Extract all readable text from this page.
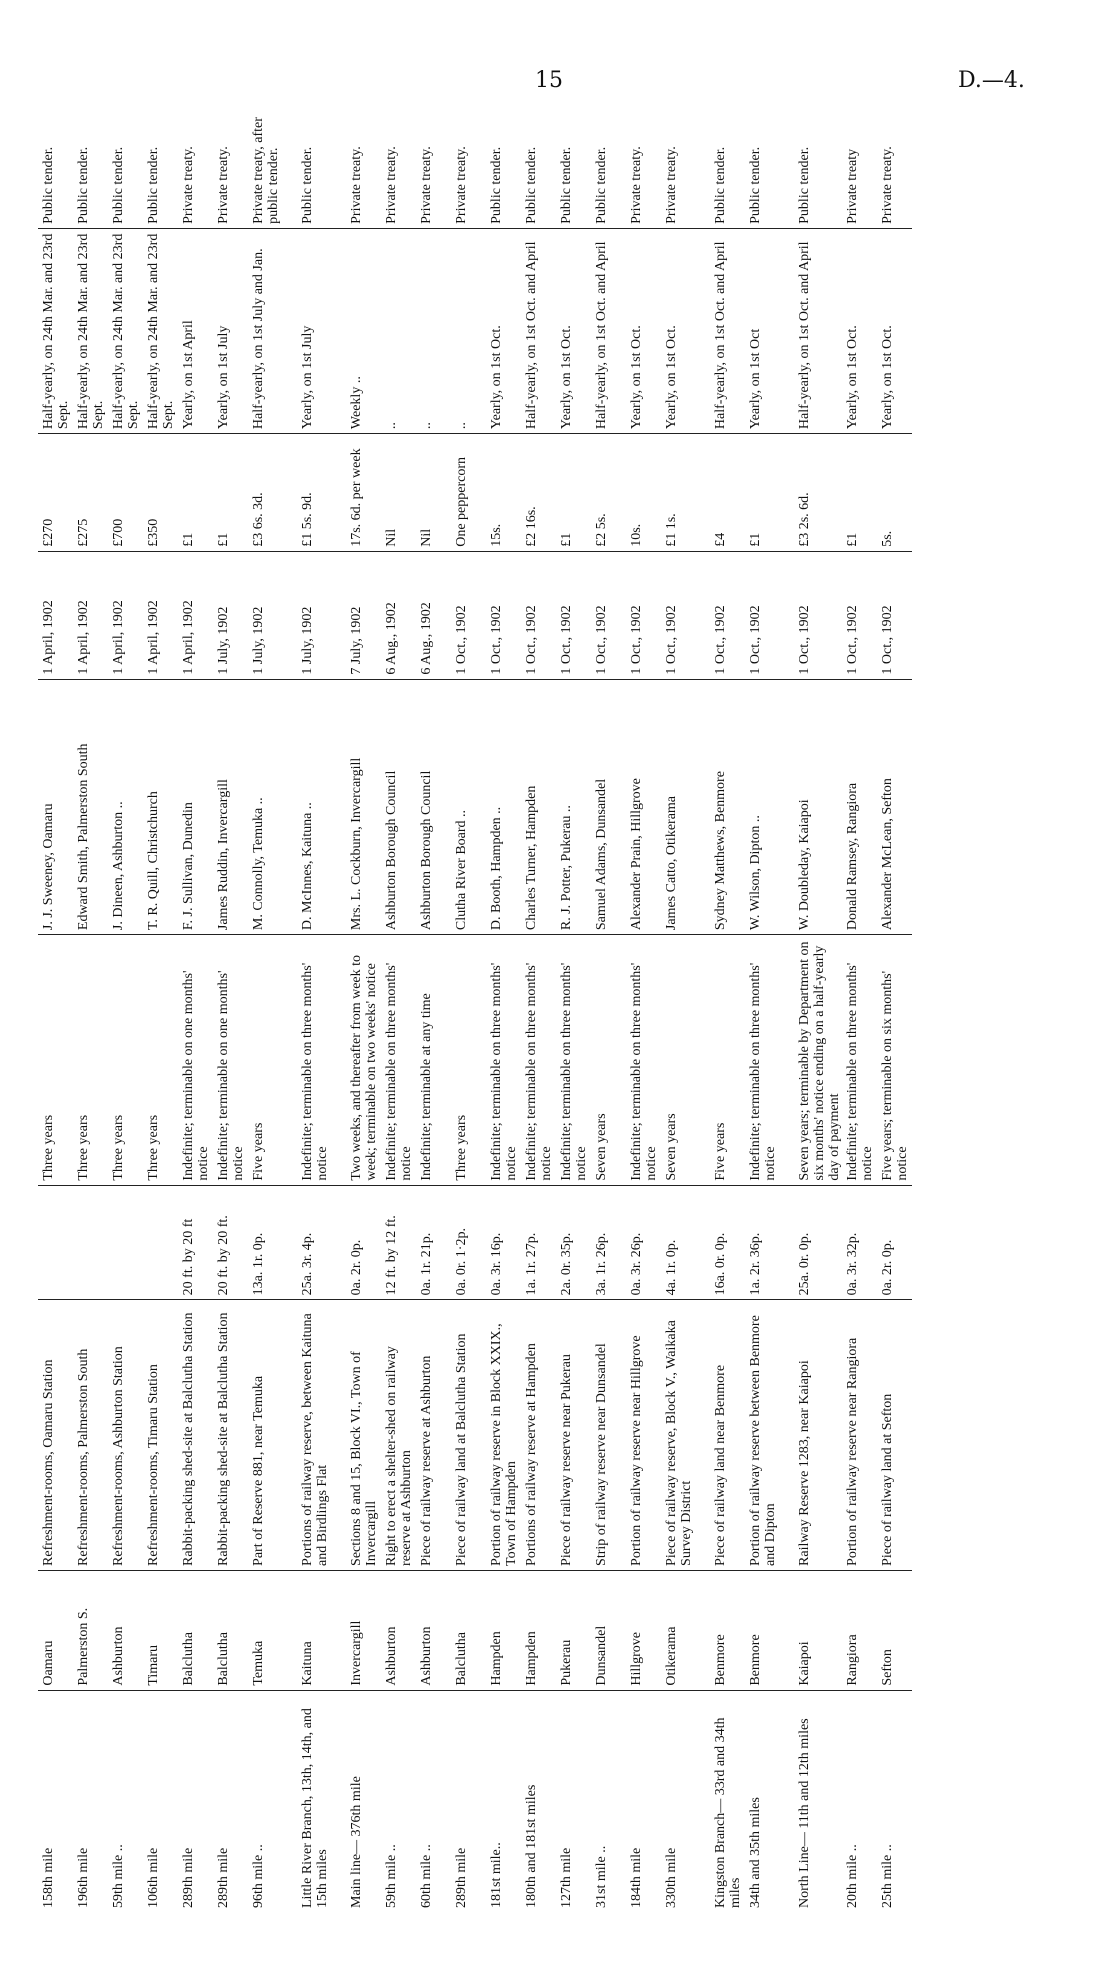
15	D.—4.
158th mile	Oamaru	Refreshment-rooms, Oamaru Station		Three years	J. J. Sweeney, Oamaru	1 April, 1902	£270	Half-yearly, on 24th Mar. and 23rd Sept.	Public tender.
196th mile	Palmerston S.	Refreshment-rooms, Palmerston South		Three years	Edward Smith, Palmerston South	1 April, 1902	£275	Half-yearly, on 24th Mar. and 23rd Sept.	Public tender.
59th mile ..	Ashburton	Refreshment-rooms, Ashburton Station		Three years	J. Dineen, Ashburton ..	1 April, 1902	£700	Half-yearly, on 24th Mar. and 23rd Sept.	Public tender.
106th mile	Timaru	Refreshment-rooms, Timaru Station		Three years	T. R. Quill, Christchurch	1 April, 1902	£350	Half-yearly, on 24th Mar. and 23rd Sept.	Public tender.
289th mile	Balclutha	Rabbit-packing shed-site at Balclutha Station	20 ft. by 20 ft	Indefinite; terminable on one months' notice	F. J. Sullivan, Dunedin	1 April, 1902	£1	Yearly, on 1st April	Private treaty.
289th mile	Balclutha	Rabbit-packing shed-site at Balclutha Station	20 ft. by 20 ft.	Indefinite; terminable on one months' notice	James Ruddin, Invercargill	1 July, 1902	£1	Yearly, on 1st July	Private treaty.
96th mile ..	Temuka	Part of Reserve 881, near Temuka	13a. 1r. 0p.	Five years	M. Connolly, Temuka ..	1 July, 1902	£3 6s. 3d.	Half-yearly, on 1st July and Jan.	Private treaty, after public tender.

Little River Branch, 13th, 14th, and 15th miles	Kaituna	Portions of railway reserve, between Kaituna and Birdlings Flat	25a. 3r. 4p.	Indefinite; terminable on three months' notice	D. McInnes, Kaituna ..	1 July, 1902	£1 5s. 9d.	Yearly, on 1st July	Public tender.

Main line— 376th mile	Invercargill	Sections 8 and 15, Block VI., Town of Invercargill	0a. 2r. 0p.	Two weeks, and thereafter from week to week; terminable on two weeks' notice	Mrs. L. Cockburn, Invercargill	7 July, 1902	17s. 6d. per week	Weekly ..	Private treaty.
59th mile ..	Ashburton	Right to erect a shelter-shed on railway reserve at Ashburton	12 ft. by 12 ft.	Indefinite; terminable on three months' notice	Ashburton Borough Council	6 Aug., 1902	Nil	..	Private treaty.
60th mile ..	Ashburton	Piece of railway reserve at Ashburton	0a. 1r. 21p.	Indefinite; terminable at any time	Ashburton Borough Council	6 Aug., 1902	Nil	..	Private treaty.
289th mile	Balclutha	Piece of railway land at Balclutha Station	0a. 0r. 1·2p.	Three years	Clutha River Board ..	1 Oct., 1902	One peppercorn	..	Private treaty.
181st mile..	Hampden	Portion of railway reserve in Block XXIX., Town of Hampden	0a. 3r. 16p.	Indefinite; terminable on three months' notice	D. Booth, Hampden ..	1 Oct., 1902	15s.	Yearly, on 1st Oct.	Public tender.
180th and 181st miles	Hampden	Portions of railway reserve at Hampden	1a. 1r. 27p.	Indefinite; terminable on three months' notice	Charles Turner, Hampden	1 Oct., 1902	£2 16s.	Half-yearly, on 1st Oct. and April	Public tender.
127th mile	Pukerau	Piece of railway reserve near Pukerau	2a. 0r. 35p.	Indefinite; terminable on three months' notice	R. J. Potter, Pukerau ..	1 Oct., 1902	£1	Yearly, on 1st Oct.	Public tender.
31st mile ..	Dunsandel	Strip of railway reserve near Dunsandel	3a. 1r. 26p.	Seven years	Samuel Adams, Dunsandel	1 Oct., 1902	£2 5s.	Half-yearly, on 1st Oct. and April	Public tender.
184th mile	Hillgrove	Portion of railway reserve near Hillgrove	0a. 3r. 26p.	Indefinite; terminable on three months' notice	Alexander Prain, Hillgrove	1 Oct., 1902	10s.	Yearly, on 1st Oct.	Private treaty.
330th mile	Otikerama	Piece of railway reserve, Block V., Waikaka Survey District	4a. 1r. 0p.	Seven years	James Catto, Otikerama	1 Oct., 1902	£1 1s.	Yearly, on 1st Oct.	Private treaty.

Kingston Branch— 33rd and 34th miles	Benmore	Piece of railway land near Benmore	16a. 0r. 0p.	Five years	Sydney Matthews, Benmore	1 Oct., 1902	£4	Half-yearly, on 1st Oct. and April	Public tender.
34th and 35th miles	Benmore	Portion of railway reserve between Benmore and Dipton	1a. 2r. 36p.	Indefinite; terminable on three months' notice	W. Wilson, Dipton ..	1 Oct., 1902	£1	Yearly, on 1st Oct	Public tender.

North Line— 11th and 12th miles	Kaiapoi	Railway Reserve 1283, near Kaiapoi	25a. 0r. 0p.	Seven years; terminable by Department on six months' notice ending on a half-yearly day of payment	W. Doubleday, Kaiapoi	1 Oct., 1902	£3 2s. 6d.	Half-yearly, on 1st Oct. and April	Public tender.
20th mile ..	Rangiora	Portion of railway reserve near Rangiora	0a. 3r. 32p.	Indefinite; terminable on three months' notice	Donald Ramsey, Rangiora	1 Oct., 1902	£1	Yearly, on 1st Oct.	Private treaty
25th mile ..	Sefton	Piece of railway land at Sefton	0a. 2r. 0p.	Five years; terminable on six months' notice	Alexander McLean, Sefton	1 Oct., 1902	5s.	Yearly, on 1st Oct.	Private treaty.
